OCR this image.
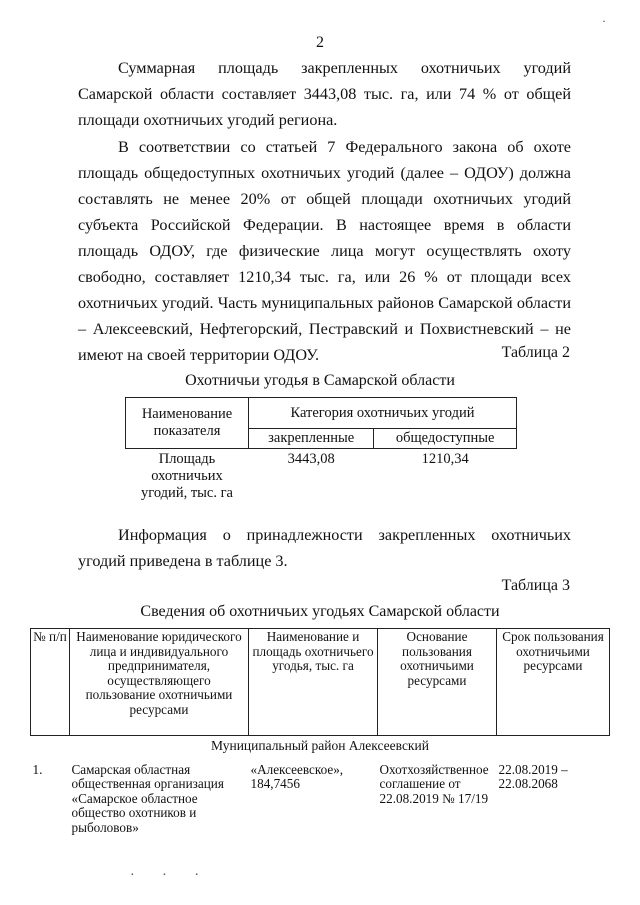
·
2
Суммарная площадь закрепленных охотничьих угодий Самарской области составляет 3443,08 тыс. га, или 74 % от общей площади охотничьих угодий региона.
В соответствии со статьей 7 Федерального закона об охоте площадь общедоступных охотничьих угодий (далее – ОДОУ) должна составлять не менее 20% от общей площади охотничьих угодий субъекта Российской Федерации. В настоящее время в области площадь ОДОУ, где физические лица могут осуществлять охоту свободно, составляет 1210,34 тыс. га, или 26 % от площади всех охотничьих угодий. Часть муниципальных районов Самарской области – Алексеевский, Нефтегорский, Пестравский и Похвистневский – не имеют на своей территории ОДОУ.	Таблица 2
Охотничьи угодья в Самарской области
Наименование показателя	Категория охотничьих угодий	
	закрепленные	общедоступные
Площадь охотничьих угодий, тыс. га	3443,08	1210,34
Информация о принадлежности закрепленных охотничьих угодий приведена в таблице 3.
Таблица 3
Сведения об охотничьих угодьях Самарской области
№ п/п	Наименование юридического лица и индивидуального предпринимателя, осуществляющего пользование охотничьими ресурсами	Наименование и площадь охотничьего угодья, тыс. га	Основание пользования охотничьими ресурсами	Срок пользования охотничьими ресурсами
Муниципальный район Алексеевский				
1.	Самарская областная общественная организация «Самарское областное общество охотников и рыболовов»	«Алексеевское», 184,7456	Охотхозяйственное соглашение от 22.08.2019 № 17/19	22.08.2019 – 22.08.2068
· · ·
